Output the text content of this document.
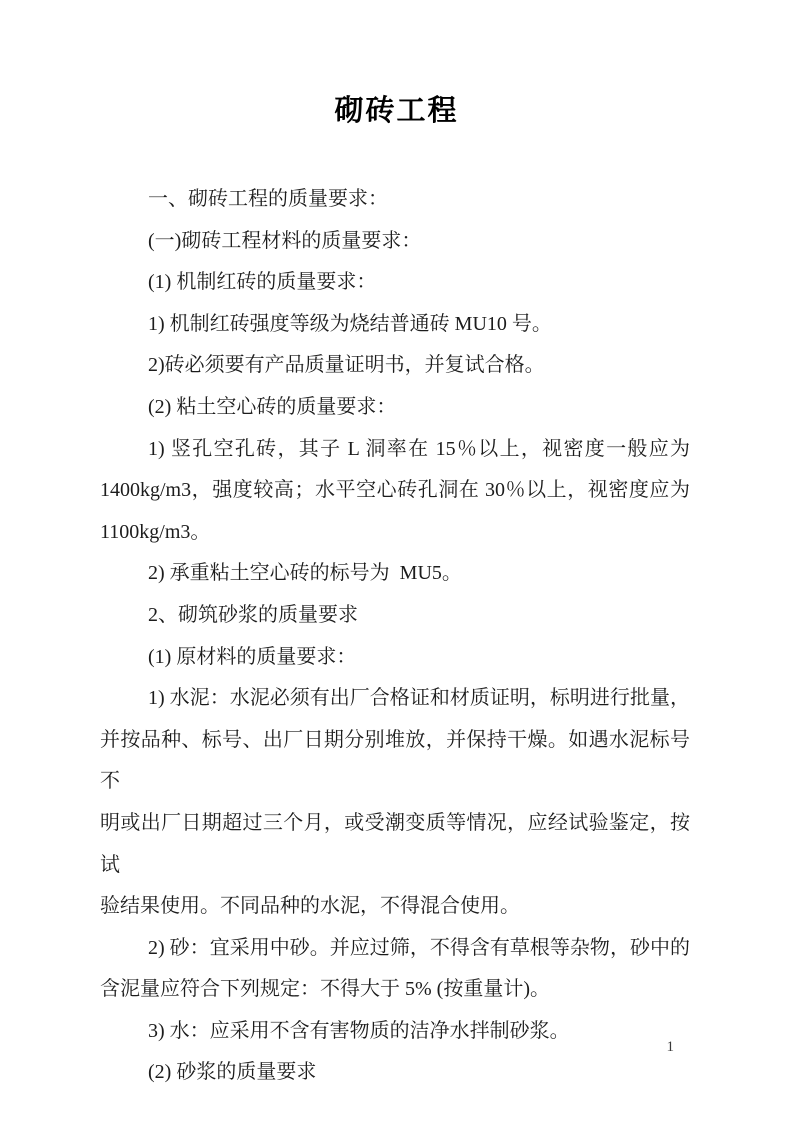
砌砖工程
一、砌砖工程的质量要求：
(一)砌砖工程材料的质量要求：
(1) 机制红砖的质量要求：
1) 机制红砖强度等级为烧结普通砖 MU10 号。
2)砖必须要有产品质量证明书，并复试合格。
(2) 粘土空心砖的质量要求：
1) 竖孔空孔砖，其子 L 洞率在 15％以上，视密度一般应为
1400kg/m3，强度较高；水平空心砖孔洞在 30％以上，视密度应为
1100kg/m3。
2) 承重粘土空心砖的标号为  MU5。
2、砌筑砂浆的质量要求
(1) 原材料的质量要求：
1) 水泥：水泥必须有出厂合格证和材质证明，标明进行批量，
并按品种、标号、出厂日期分别堆放，并保持干燥。如遇水泥标号不
明或出厂日期超过三个月，或受潮变质等情况，应经试验鉴定，按试
验结果使用。不同品种的水泥，不得混合使用。
2) 砂：宜采用中砂。并应过筛，不得含有草根等杂物，砂中的
含泥量应符合下列规定：不得大于 5% (按重量计)。
3) 水：应采用不含有害物质的洁净水拌制砂浆。
(2) 砂浆的质量要求
1
